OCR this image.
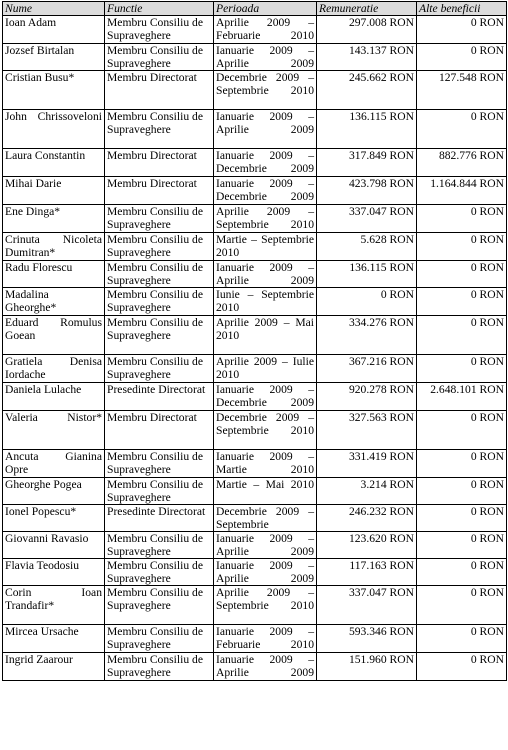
Nume	Functie	Perioada	Remuneratie	Alte beneficii
Ioan Adam	Membru Consiliu de Supraveghere	Aprilie 2009 – Februarie 2010	297.008 RON	0 RON
Jozsef Birtalan	Membru Consiliu de Supraveghere	Ianuarie 2009 – Aprilie 2009	143.137 RON	0 RON
Cristian Busu*	Membru Directorat	Decembrie 2009 – Septembrie 2010	245.662 RON	127.548 RON
John Chrissoveloni	Membru Consiliu de Supraveghere	Ianuarie 2009 – Aprilie 2009	136.115 RON	0 RON
Laura Constantin	Membru Directorat	Ianuarie 2009 – Decembrie 2009	317.849 RON	882.776 RON
Mihai Darie	Membru Directorat	Ianuarie 2009 – Decembrie 2009	423.798 RON	1.164.844 RON
Ene Dinga*	Membru Consiliu de Supraveghere	Aprilie 2009 – Septembrie 2010	337.047 RON	0 RON
Crinuta Nicoleta Dumitran*	Membru Consiliu de Supraveghere	Martie – Septembrie 2010	5.628 RON	0 RON
Radu Florescu	Membru Consiliu de Supraveghere	Ianuarie 2009 – Aprilie 2009	136.115 RON	0 RON
Madalina Gheorghe*	Membru Consiliu de Supraveghere	Iunie – Septembrie 2010	0 RON	0 RON
Eduard Romulus Goean	Membru Consiliu de Supraveghere	Aprilie 2009 – Mai 2010	334.276 RON	0 RON
Gratiela Denisa Iordache	Membru Consiliu de Supraveghere	Aprilie 2009 – Iulie 2010	367.216 RON	0 RON
Daniela Lulache	Presedinte Directorat	Ianuarie 2009 – Decembrie 2009	920.278 RON	2.648.101 RON
Valeria Nistor*	Membru Directorat	Decembrie 2009 – Septembrie 2010	327.563 RON	0 RON
Ancuta Gianina Opre	Membru Consiliu de Supraveghere	Ianuarie 2009 – Martie 2010	331.419 RON	0 RON
Gheorghe Pogea	Membru Consiliu de Supraveghere	Martie – Mai 2010	3.214 RON	0 RON
Ionel Popescu*	Presedinte Directorat	Decembrie 2009 – Septembrie	246.232 RON	0 RON
Giovanni Ravasio	Membru Consiliu de Supraveghere	Ianuarie 2009 – Aprilie 2009	123.620 RON	0 RON
Flavia Teodosiu	Membru Consiliu de Supraveghere	Ianuarie 2009 – Aprilie 2009	117.163 RON	0 RON
Corin Ioan Trandafir*	Membru Consiliu de Supraveghere	Aprilie 2009 – Septembrie 2010	337.047 RON	0 RON
Mircea Ursache	Membru Consiliu de Supraveghere	Ianuarie 2009 – Februarie 2010	593.346 RON	0 RON
Ingrid Zaarour	Membru Consiliu de Supraveghere	Ianuarie 2009 – Aprilie 2009	151.960 RON	0 RON
